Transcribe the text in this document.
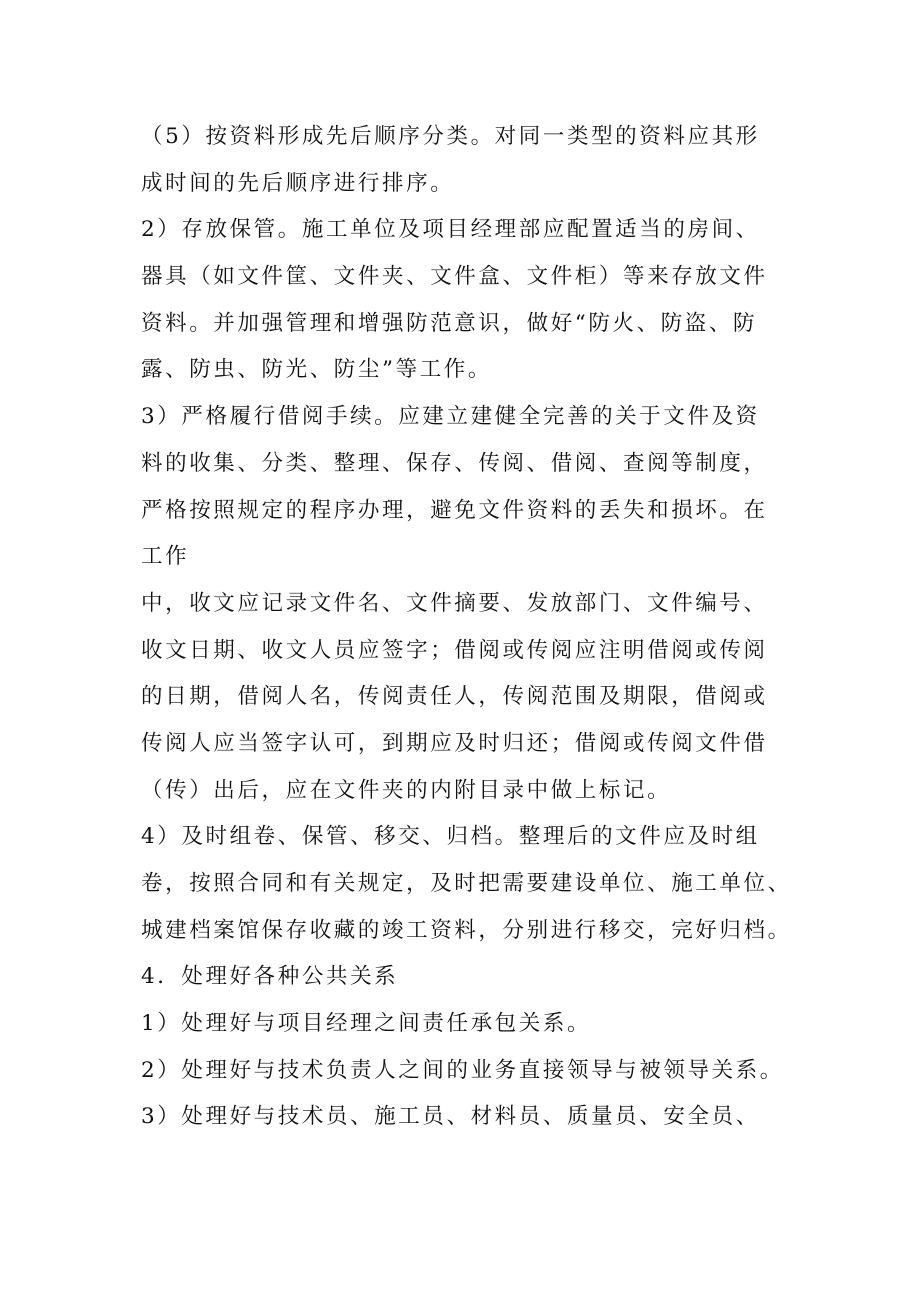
（5）按资料形成先后顺序分类。对同一类型的资料应其形
成时间的先后顺序进行排序。
2）存放保管。施工单位及项目经理部应配置适当的房间、
器具（如文件筐、文件夹、文件盒、文件柜）等来存放文件
资料。并加强管理和增强防范意识，做好“防火、防盗、防
露、防虫、防光、防尘”等工作。
3）严格履行借阅手续。应建立建健全完善的关于文件及资
料的收集、分类、整理、保存、传阅、借阅、查阅等制度，
严格按照规定的程序办理，避免文件资料的丢失和损坏。在
工作
中，收文应记录文件名、文件摘要、发放部门、文件编号、
收文日期、收文人员应签字；借阅或传阅应注明借阅或传阅
的日期，借阅人名，传阅责任人，传阅范围及期限，借阅或
传阅人应当签字认可，到期应及时归还；借阅或传阅文件借
（传）出后，应在文件夹的内附目录中做上标记。
4）及时组卷、保管、移交、归档。整理后的文件应及时组
卷，按照合同和有关规定，及时把需要建设单位、施工单位、
城建档案馆保存收藏的竣工资料，分别进行移交，完好归档。
4．处理好各种公共关系
1）处理好与项目经理之间责任承包关系。
2）处理好与技术负责人之间的业务直接领导与被领导关系。
3）处理好与技术员、施工员、材料员、质量员、安全员、
